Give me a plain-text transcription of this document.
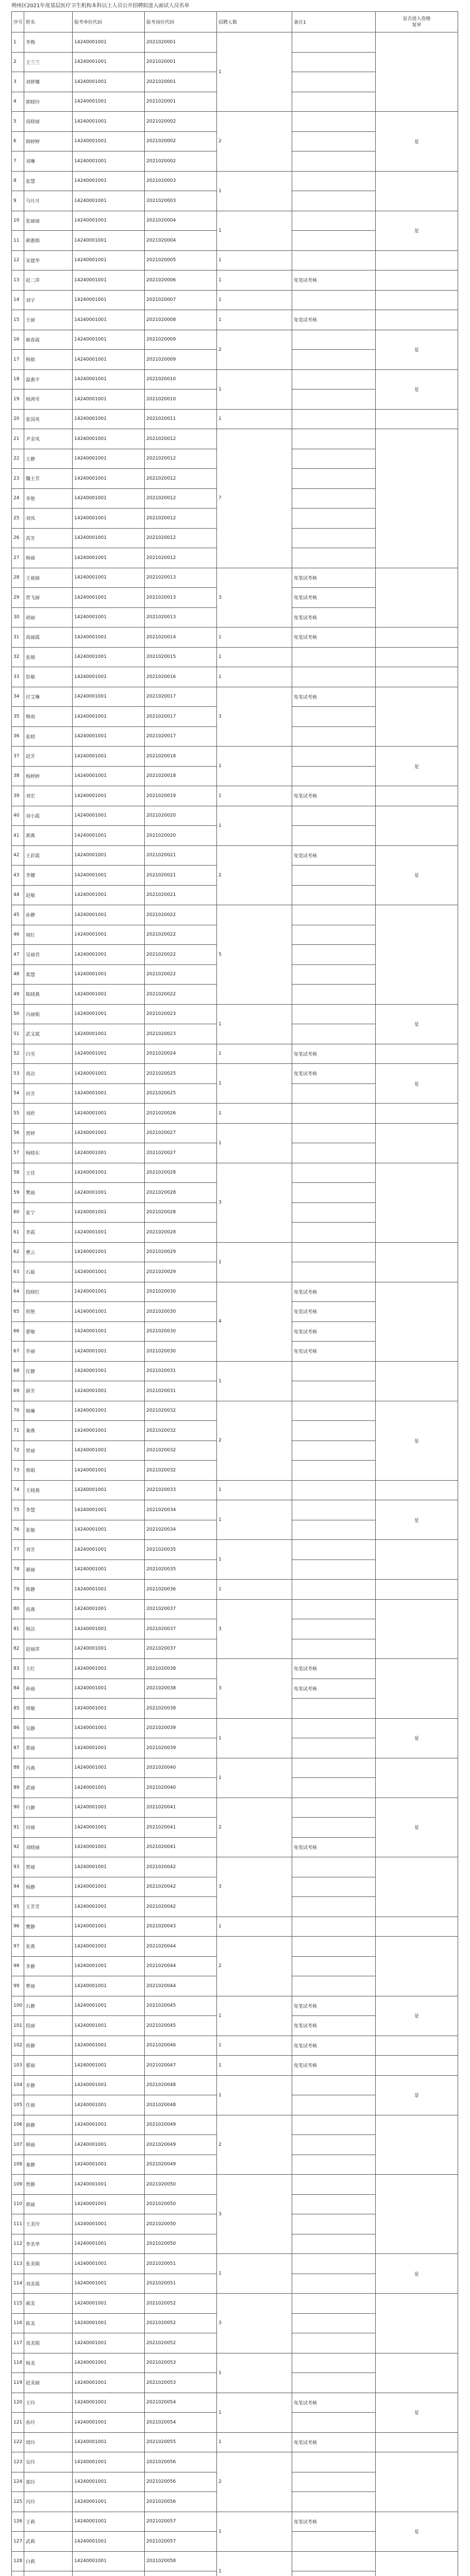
朔州区2021年度基层医疗卫生机构本科以上人员公开招聘拟进入面试人员名单
序号	姓名	报考单位代码	报考岗位代码	招聘人数	备注1	是否进入资格复审
1	李梅	14240001001	2021020001	1		
2	王兰兰	14240001001	2021020001			
3	刘妍娜	14240001001	2021020001			
4	郭晓玲	14240001001	2021020001			
5	高晓丽	14240001001	2021020002	2		是
6	韩婷婷	14240001001	2021020002			
7	刘琳	14240001001	2021020002			
8	张慧	14240001001	2021020003	1		
9	马月月	14240001001	2021020003			
10	张丽丽	14240001001	2021020004	1		是
11	郝惠娟	14240001001	2021020004			
12	宋建华	14240001001	2021020005	1		
13	赵二萍	14240001001	2021020006	1	免笔试考核	
14	刘宇	14240001001	2021020007	1		
15	王丽	14240001001	2021020008	1	免笔试考核	
16	郝春霞	14240001001	2021020009	2		是
17	杨娟	14240001001	2021020009			
18	温惠平	14240001001	2021020010	1		是
19	杨鸿雪	14240001001	2021020010			
20	张国英	14240001001	2021020011	1		
21	尹金凤	14240001001	2021020012	7		
22	王静	14240001001	2021020012			
23	魏王芳	14240001001	2021020012			
24	李艳	14240001001	2021020012			
25	刘凤	14240001001	2021020012			
26	苗芳	14240001001	2021020012			
27	杨丽	14240001001	2021020012			
28	王丽丽	14240001001	2021020013	3	免笔试考核	
29	贾飞丽	14240001001	2021020013		免笔试考核	
30	胡丽	14240001001	2021020013		免笔试考核	
31	高丽霞	14240001001	2021020014	1	免笔试考核	
32	张婧	14240001001	2021020015	1		
33	彭敏	14240001001	2021020016	1		
34	付艾琳	14240001001	2021020017	3	免笔试考核	
35	梅雨	14240001001	2021020017			
36	张晓	14240001001	2021020017			
37	赵芳	14240001001	2021020018	1		是
38	杨婷婷	14240001001	2021020018			
39	刘宏	14240001001	2021020019	1	免笔试考核	
40	刘小霞	14240001001	2021020020	1		
41	郭燕	14240001001	2021020020			
42	王彩霞	14240001001	2021020021	2	免笔试考核	是
43	李娜	14240001001	2021020021			
44	赵敏	14240001001	2021020021			
45	孙静	14240001001	2021020022	5		
46	周红	14240001001	2021020022			
47	吴丽君	14240001001	2021020022			
48	郑慧	14240001001	2021020022			
49	陈晓燕	14240001001	2021020022			
50	冯丽娟	14240001001	2021020023	1		是
51	武文斌	14240001001	2021020023			
52	白雪	14240001001	2021020024	1	免笔试考核	
53	高洁	14240001001	2021020025	1	免笔试考核	是
54	田芳	14240001001	2021020025			
55	刘欣	14240001001	2021020026	1		
56	贺婷	14240001001	2021020027	1		
57	杨晓东	14240001001	2021020027			
58	王佳	14240001001	2021020028	3		
59	樊丽	14240001001	2021020028			
60	张宁	14240001001	2021020028			
61	李霞	14240001001	2021020028			
62	曹云	14240001001	2021020029	1		
63	石磊	14240001001	2021020029			
64	段晓红	14240001001	2021020030	4	免笔试考核	
65	侯艳	14240001001	2021020030		免笔试考核	
66	翟敏	14240001001	2021020030		免笔试考核	
67	乔丽	14240001001	2021020030		免笔试考核	
68	任静	14240001001	2021020031	1		
69	薛芳	14240001001	2021020031			
70	韩琳	14240001001	2021020032	2		是
71	秦燕	14240001001	2021020032			
72	贾丽	14240001001	2021020032			
73	邢娟	14240001001	2021020032			
74	王晓燕	14240001001	2021020033	1		
75	李慧	14240001001	2021020034	1		是
76	张敏	14240001001	2021020034			
77	刘芳	14240001001	2021020035	1		
78	郝丽	14240001001	2021020035			
79	陈静	14240001001	2021020036	1		
80	高燕	14240001001	2021020037	3		
81	杨洁	14240001001	2021020037			
82	赵丽萍	14240001001	2021020037			
83	王红	14240001001	2021020038	3	免笔试考核	
84	孙丽	14240001001	2021020038		免笔试考核	
85	周敏	14240001001	2021020038			
86	吴静	14240001001	2021020039	1		是
87	郑丽	14240001001	2021020039			
88	冯燕	14240001001	2021020040	1		
89	武丽	14240001001	2021020040			
90	白静	14240001001	2021020041	2		是
91	田丽	14240001001	2021020041			
92	刘晓丽	14240001001	2021020041		免笔试考核	
93	贺丽	14240001001	2021020042	3		
94	杨静	14240001001	2021020042			
95	王芳芳	14240001001	2021020042			
96	樊静	14240001001	2021020043	1		
97	张燕	14240001001	2021020044	2		
98	李静	14240001001	2021020044			
99	曹丽	14240001001	2021020044			
100	石静	14240001001	2021020045	1	免笔试考核	是
101	段丽	14240001001	2021020045		免笔试考核	
102	侯静	14240001001	2021020046	1	免笔试考核	
103	翟丽	14240001001	2021020047	1	免笔试考核	
104	乔静	14240001001	2021020048	1		是
105	任丽	14240001001	2021020048			
106	薛静	14240001001	2021020049	2		
107	韩丽	14240001001	2021020049			
108	秦静	14240001001	2021020049			
109	贾静	14240001001	2021020050	3		
110	邢丽	14240001001	2021020050			
111	王美玲	14240001001	2021020050			
112	李美华	14240001001	2021020050			
113	张美娟	14240001001	2021020051	1		是
114	刘美霞	14240001001	2021020051			
115	郝美	14240001001	2021020052	3		
116	陈美	14240001001	2021020052			
117	高美娟	14240001001	2021020052			
118	杨美	14240001001	2021020053	1		
119	赵美丽	14240001001	2021020053			
120	王玲	14240001001	2021020054	1	免笔试考核	是
121	孙玲	14240001001	2021020054			
122	周玲	14240001001	2021020055	1	免笔试考核	
123	吴玲	14240001001	2021020056	2		
124	郑玲	14240001001	2021020056			
125	冯玲	14240001001	2021020056			
126	王莉	14240001001	2021020057	1	免笔试考核	是
127	武莉	14240001001	2021020057			
128	白莉	14240001001	2021020058	1		
